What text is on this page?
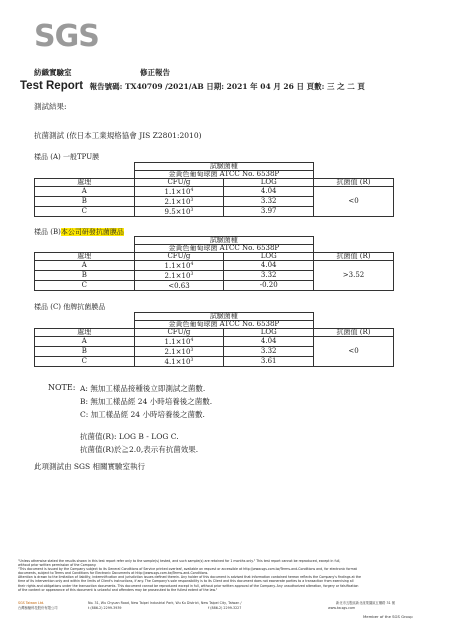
SGS
紡織實驗室	修正報告
Test Report 報告號碼: TX40709 /2021/AB 日期: 2021 年 04 月 26 日 頁數: 三 之 二 頁
測試結果:
抗菌測試 (依日本工業規格協會 JIS Z2801:2010)
樣品 (A) 一般TPU膜
	試驗菌種		
	金黃色葡萄球菌 ATCC No. 6538P		
處理	CFU/g	LOG	抗菌值 (R)
A	$1.1\times 10^4$	4.04	<0
B	$2.1\times 10^3$	3.32	
C	$9.5\times 10^3$	3.97	
樣品 (B)本公司研發抗菌膜品
	試驗菌種		
	金黃色葡萄球菌 ATCC No. 6538P		
處理	CFU/g	LOG	抗菌值 (R)
A	$1.1\times 10^4$	4.04	>3.52
B	$2.1\times 10^3$	3.32	
C	<0.63	-0.20	
樣品 (C) 他牌抗菌膜品
	試驗菌種		
	金黃色葡萄球菌 ATCC No. 6538P		
處理	CFU/g	LOG	抗菌值 (R)
A	$1.1\times 10^4$	4.04	<0
B	$2.1\times 10^3$	3.32	
C	$4.1\times 10^3$	3.61	
NOTE: A: 無加工樣品接種後立即測試之菌數.
B: 無加工樣品經 24 小時培養後之菌數.
C: 加工樣品經 24 小時培養後之菌數.
抗菌值(R): LOG B - LOG C.
抗菌值(R)於≧2.0,表示有抗菌效果.
此項測試由 SGS 相關實驗室執行
"Unless otherwise stated the results shown in this test report refer only to the sample(s) tested, and such sample(s) are retained for 1 months only." This test report cannot be reproduced, except in full,
without prior written permission of the Company.
"This document is issued by the Company subject to its General Conditions of Service printed overleaf, available on request or accessible at http://www.sgs.com.tw/Terms-and-Conditions and, for electronic format
documents, subject to Terms and Conditions for Electronic Documents at http://www.sgs.com.tw/Terms-and-Conditions.
Attention is drawn to the limitation of liability, indemnification and jurisdiction issues defined therein. Any holder of this document is advised that information contained hereon reflects the Company's findings at the
time of its intervention only and within the limits of Client's instructions, if any. The Company's sole responsibility is to its Client and this document does not exonerate parties to a transaction from exercising all
their rights and obligations under the transaction documents. This document cannot be reproduced except in full, without prior written approval of the Company. Any unauthorized alteration, forgery or falsification
of the content or appearance of this document is unlawful and offenders may be prosecuted to the fullest extent of the law."
SGS Taiwan Ltd.	No. 31, Wu Chyuan Road, New Taipei Industrial Park, Wu Ku District, New Taipei City, Taiwan /	新北市五股區新北產業園區五權路 31 號
台灣檢驗科技股份有限公司	t (886-2) 2299-3939	f (886-2) 2299-3227	www.tw.sgs.com
Member of the SGS Group
